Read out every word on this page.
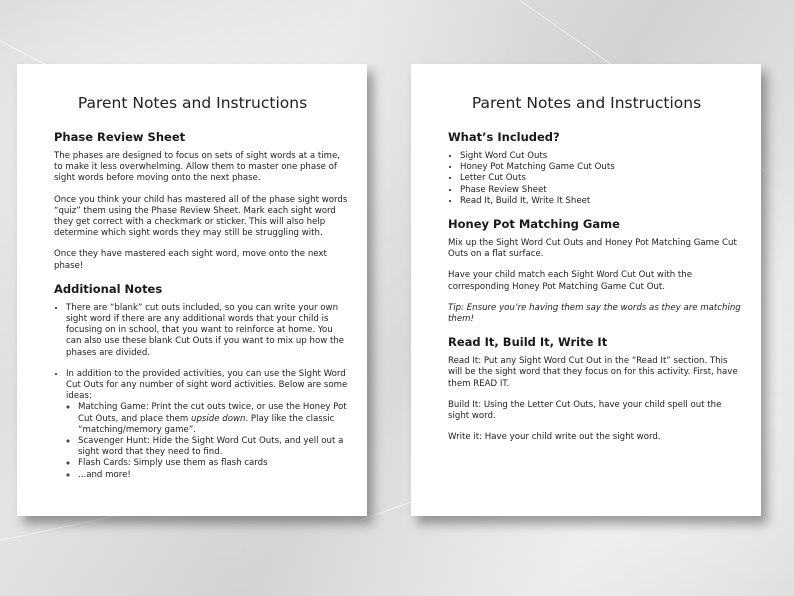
Parent Notes and Instructions
Phase Review Sheet
The phases are designed to focus on sets of sight words at a time, to make it less overwhelming. Allow them to master one phase of sight words before moving onto the next phase.
Once you think your child has mastered all of the phase sight words “quiz” them using the Phase Review Sheet. Mark each sight word they get correct with a checkmark or sticker. This will also help determine which sight words they may still be struggling with.
Once they have mastered each sight word, move onto the next phase!
Additional Notes
• There are “blank” cut outs included, so you can write your own sight word if there are any additional words that your child is focusing on in school, that you want to reinforce at home. You can also use these blank Cut Outs if you want to mix up how the phases are divided.
• In addition to the provided activities, you can use the Sight Word Cut Outs for any number of sight word activities. Below are some ideas:
◦ Matching Game: Print the cut outs twice, or use the Honey Pot Cut Outs, and place them upside down. Play like the classic “matching/memory game”.
◦ Scavenger Hunt: Hide the Sight Word Cut Outs, and yell out a sight word that they need to find.
◦ Flash Cards: Simply use them as flash cards
◦ ...and more!
Parent Notes and Instructions
What’s Included?
• Sight Word Cut Outs
• Honey Pot Matching Game Cut Outs
• Letter Cut Outs
• Phase Review Sheet
• Read It, Build It, Write It Sheet
Honey Pot Matching Game
Mix up the Sight Word Cut Outs and Honey Pot Matching Game Cut Outs on a flat surface.
Have your child match each Sight Word Cut Out with the corresponding Honey Pot Matching Game Cut Out.
Tip: Ensure you’re having them say the words as they are matching them!
Read It, Build It, Write It
Read It: Put any Sight Word Cut Out in the “Read It” section. This will be the sight word that they focus on for this activity. First, have them READ IT.
Build It: Using the Letter Cut Outs, have your child spell out the sight word.
Write it: Have your child write out the sight word.
